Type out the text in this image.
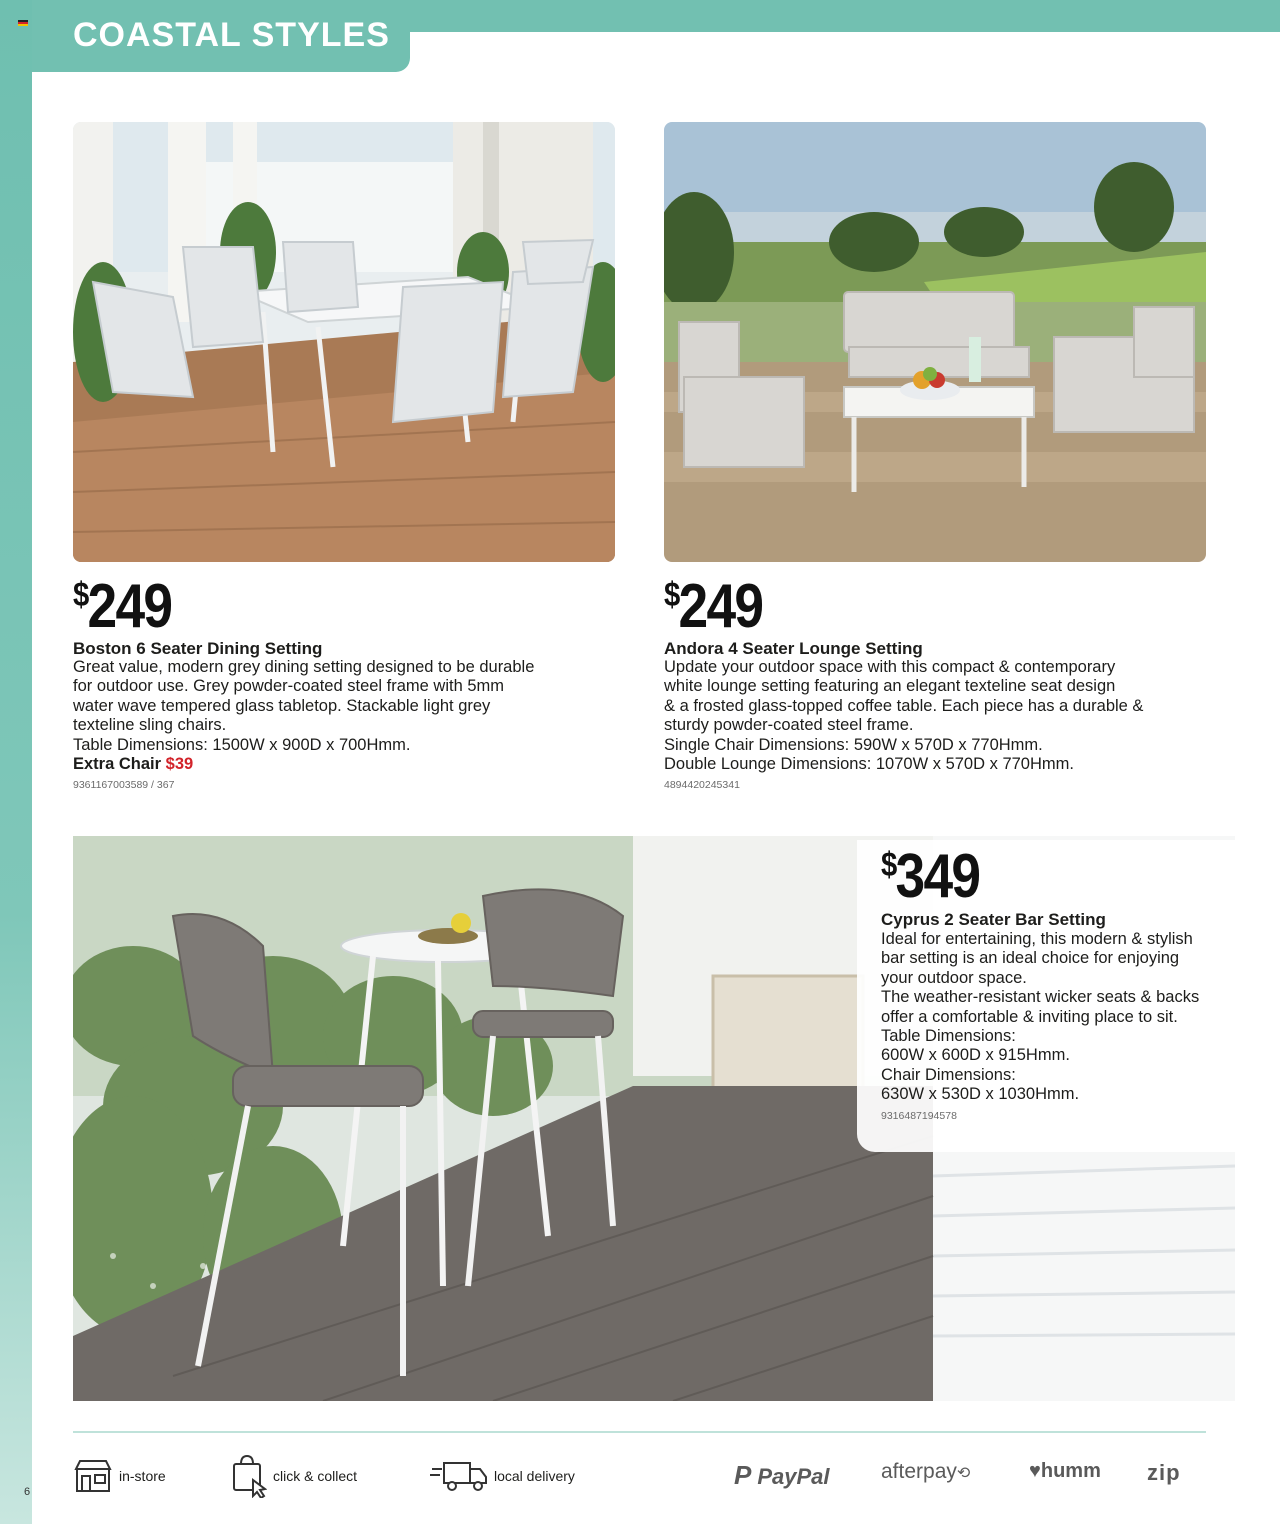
COASTAL STYLES
$249
Boston 6 Seater Dining Setting

Great value, modern grey dining setting designed to be durable

for outdoor use. Grey powder-coated steel frame with 5mm

water wave tempered glass tabletop. Stackable light grey

texteline sling chairs.

Table Dimensions: 1500W x 900D x 700Hmm.

Extra Chair $39

9361167003589 / 367
$249
Andora 4 Seater Lounge Setting

Update your outdoor space with this compact & contemporary

white lounge setting featuring an elegant texteline seat design

& a frosted glass-topped coffee table. Each piece has a durable &

sturdy powder-coated steel frame.

Single Chair Dimensions: 590W x 570D x 770Hmm.

Double Lounge Dimensions: 1070W x 570D x 770Hmm.

4894420245341
$349
Cyprus 2 Seater Bar Setting

Ideal for entertaining, this modern & stylish

bar setting is an ideal choice for enjoying

your outdoor space.

The weather-resistant wicker seats & backs

offer a comfortable & inviting place to sit.

Table Dimensions:

600W x 600D x 915Hmm.

Chair Dimensions:

630W x 530D x 1030Hmm.

9316487194578
in-store	click & collect	local delivery	P PayPal afterpay⟲	♥humm zip
6
